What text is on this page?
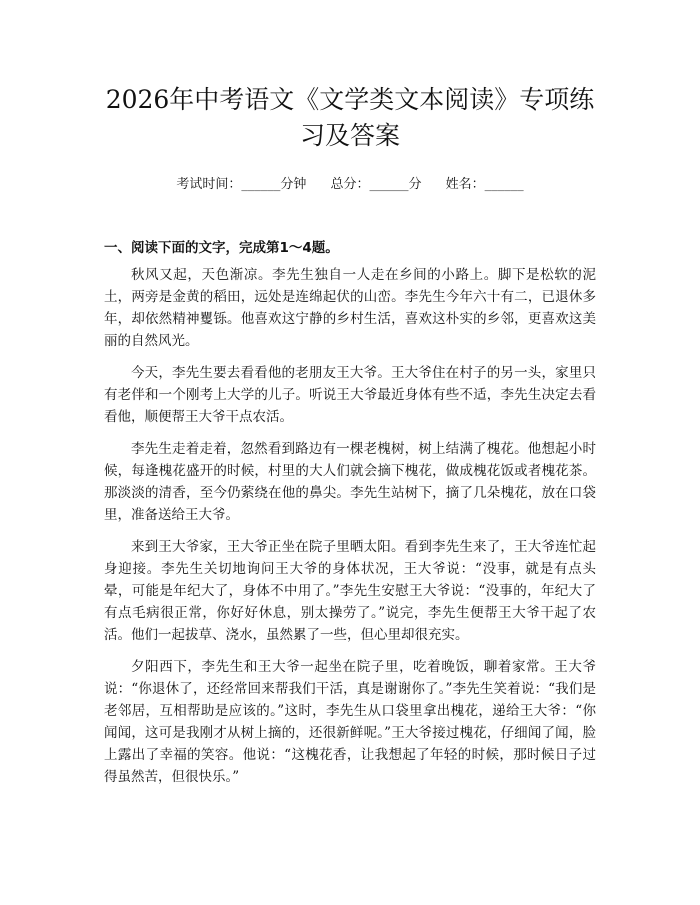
2026年中考语文《文学类文本阅读》专项练习及答案
考试时间：______分钟 总分：______分 姓名：______
一、阅读下面的文字，完成第1～4题。

秋风又起，天色渐凉。李先生独自一人走在乡间的小路上。脚下是松软的泥土，两旁是金黄的稻田，远处是连绵起伏的山峦。李先生今年六十有二，已退休多年，却依然精神矍铄。他喜欢这宁静的乡村生活，喜欢这朴实的乡邻，更喜欢这美丽的自然风光。

今天，李先生要去看看他的老朋友王大爷。王大爷住在村子的另一头，家里只有老伴和一个刚考上大学的儿子。听说王大爷最近身体有些不适，李先生决定去看看他，顺便帮王大爷干点农活。

李先生走着走着，忽然看到路边有一棵老槐树，树上结满了槐花。他想起小时候，每逢槐花盛开的时候，村里的大人们就会摘下槐花，做成槐花饭或者槐花茶。那淡淡的清香，至今仍萦绕在他的鼻尖。李先生站树下，摘了几朵槐花，放在口袋里，准备送给王大爷。

来到王大爷家，王大爷正坐在院子里晒太阳。看到李先生来了，王大爷连忙起身迎接。李先生关切地询问王大爷的身体状况，王大爷说：“没事，就是有点头晕，可能是年纪大了，身体不中用了。”李先生安慰王大爷说：“没事的，年纪大了有点毛病很正常，你好好休息，别太操劳了。”说完，李先生便帮王大爷干起了农活。他们一起拔草、浇水，虽然累了一些，但心里却很充实。

夕阳西下，李先生和王大爷一起坐在院子里，吃着晚饭，聊着家常。王大爷说：“你退休了，还经常回来帮我们干活，真是谢谢你了。”李先生笑着说：“我们是老邻居，互相帮助是应该的。”这时，李先生从口袋里拿出槐花，递给王大爷：“你闻闻，这可是我刚才从树上摘的，还很新鲜呢。”王大爷接过槐花，仔细闻了闻，脸上露出了幸福的笑容。他说：“这槐花香，让我想起了年轻的时候，那时候日子过得虽然苦，但很快乐。”
